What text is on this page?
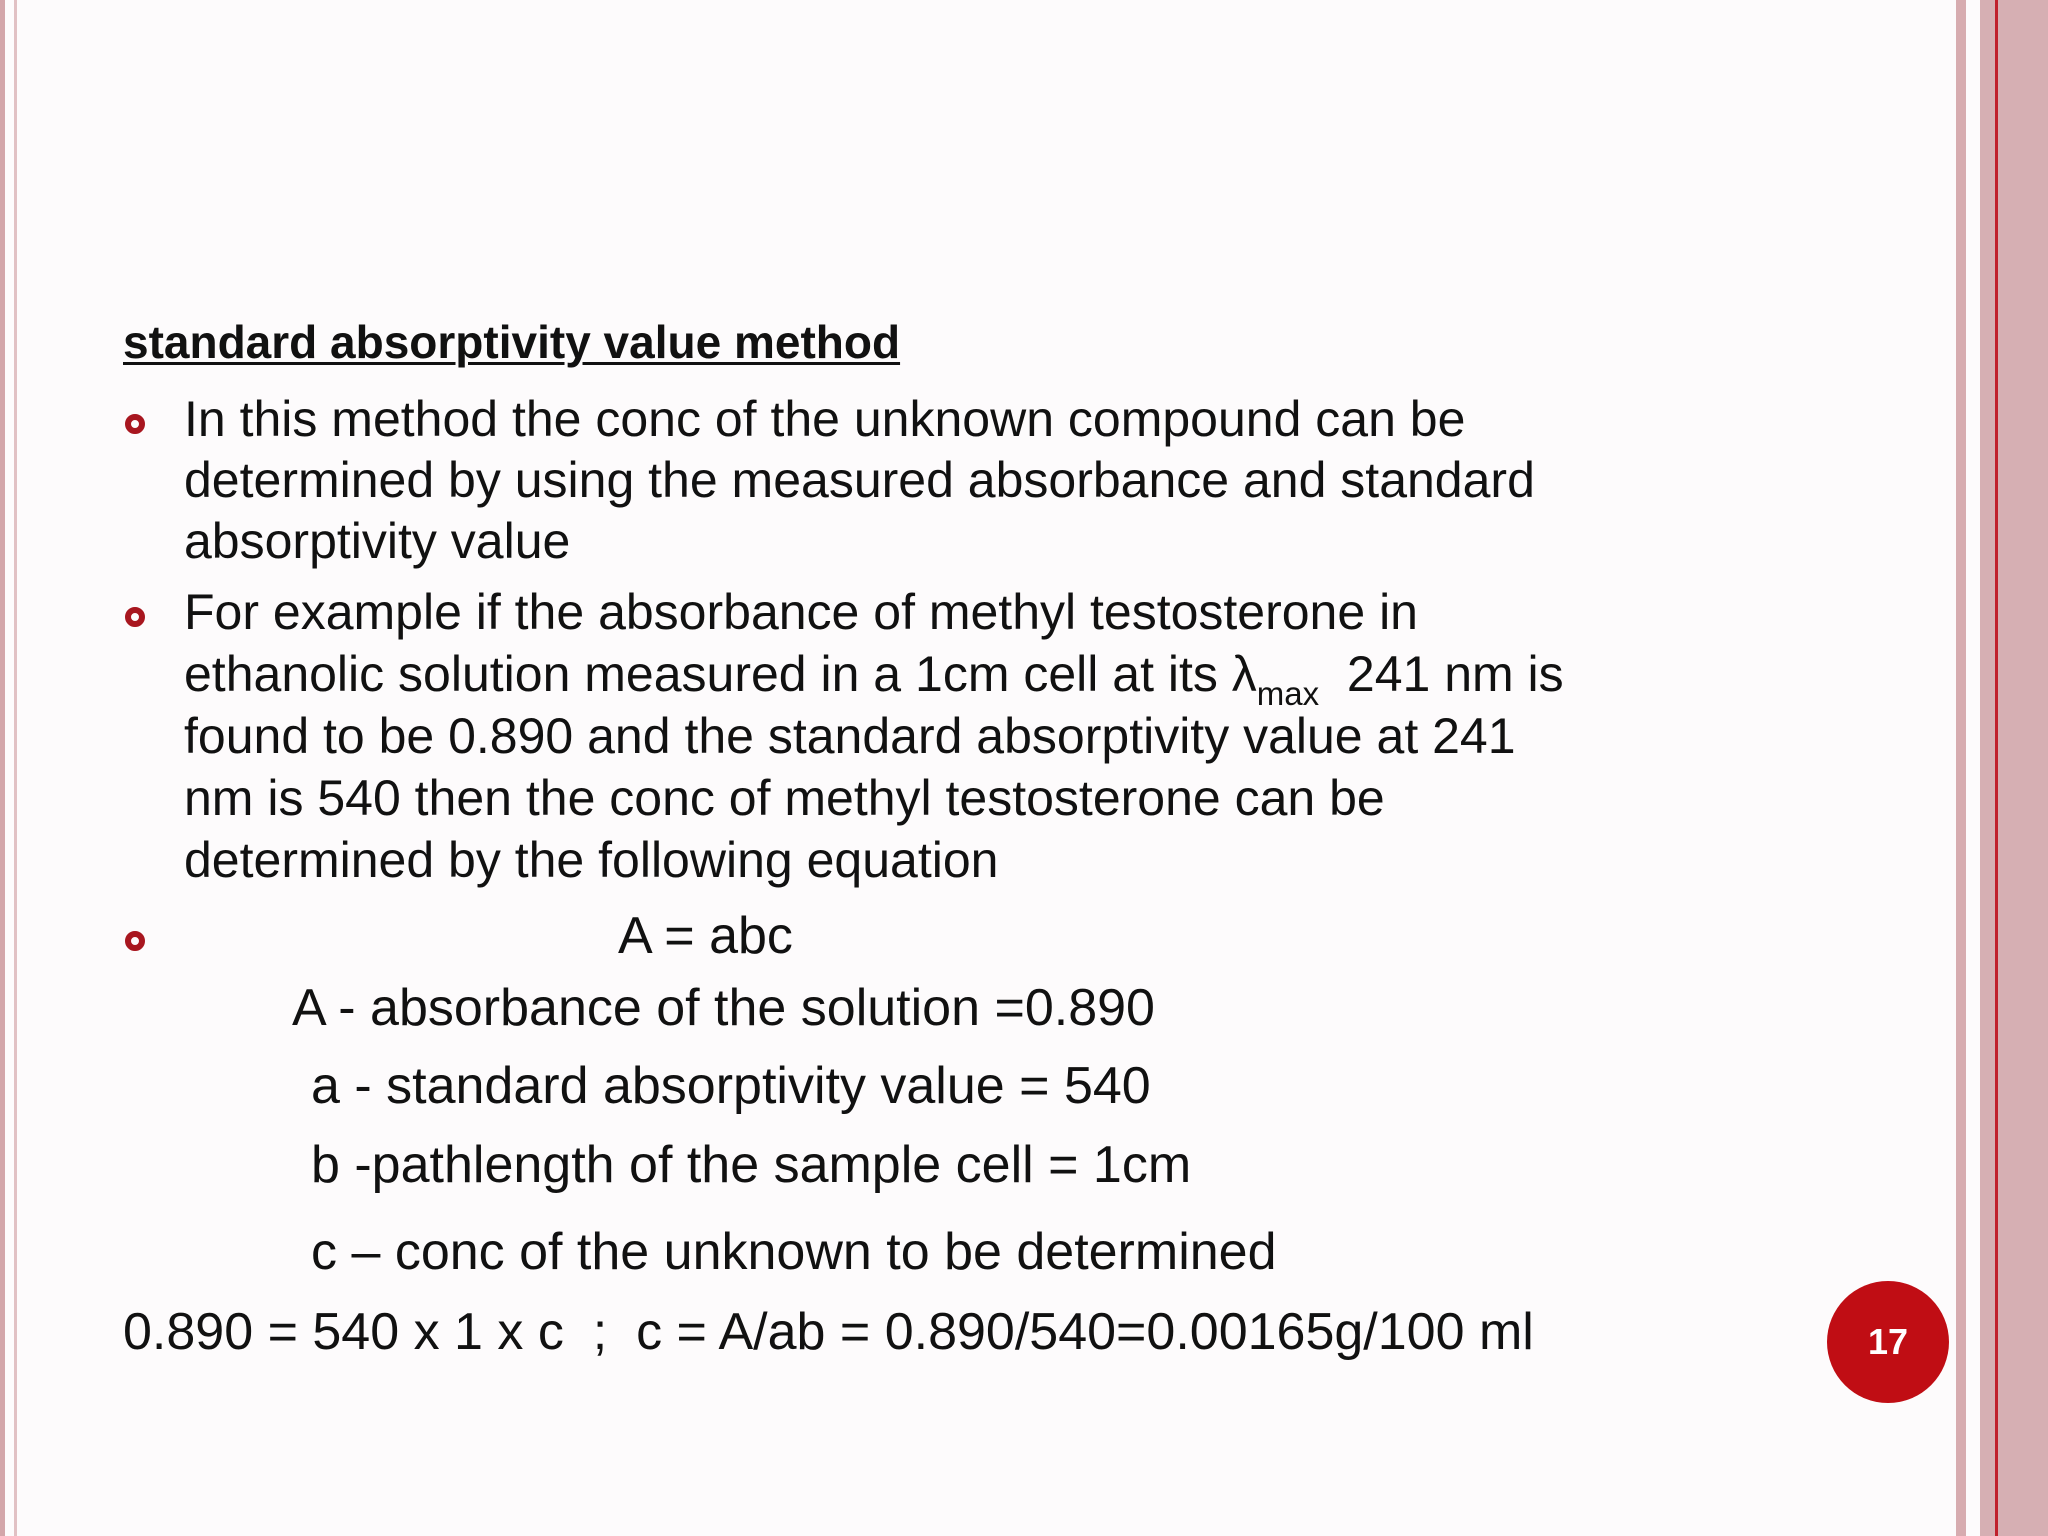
standard absorptivity value method
In this method the conc of the unknown compound can be
determined by using the measured absorbance and standard
absorptivity value
For example if the absorbance of methyl testosterone in
ethanolic solution measured in a 1cm cell at its $\lambda_{max}$  241 nm is
found to be 0.890 and the standard absorptivity value at 241
nm is 540 then the conc of methyl testosterone can be
determined by the following equation

A = abc

A - absorbance of the solution =0.890

a - standard absorptivity value = 540

b -pathlength of the sample cell = 1cm

c – conc of the unknown to be determined

0.890 = 540 x 1 x c  ;  c = A/ab = 0.890/540=0.00165g/100 ml	17
